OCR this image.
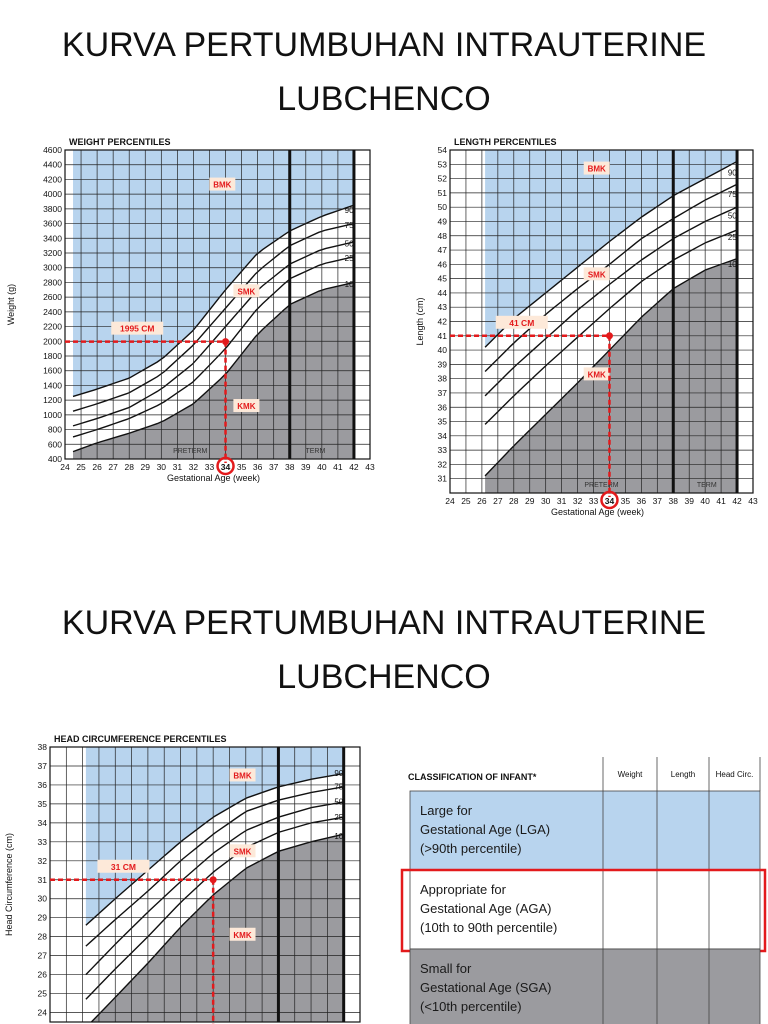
KURVA PERTUMBUHAN INTRAUTERINE LUBCHENCO
90
75
50
25
10
24 25 26 27 28 29 30 31 32 33 34 35 36 37 38 39 40 41 42 43
400
600
800
1000
1200
1400
1600
1800
2000
2200
2400
2600
2800
3000
3200
3400
3600
3800
4000
4200
4400
4600
WEIGHT PERCENTILES
Gestational Age (week)
Weight (g)
PRETERM	TERM
BMK
SMK
KMK
1995 CM
90
75
50
25
10
24 25 26 27 28 29 30 31 32 33 34 35 36 37 38 39 40 41 42 43
31
32
33
34
35
36
37
38
39
40
41
42
43
44
45
46
47
48
49
50
51
52
53
54
LENGTH PERCENTILES
Gestational Age (week)
Length (cm)
PRETERM	TERM
BMK
SMK
KMK
41 CM
KURVA PERTUMBUHAN INTRAUTERINE LUBCHENCO
90
75
50
25
10
24
25
26
27
28
29
30
31
32
33
34
35
36
37
38
HEAD CIRCUMFERENCE PERCENTILES
Head Circumference (cm)
BMK
SMK
KMK
31 CM
CLASSIFICATION OF INFANT*	Weight	Length	Head Circ.
Large for
Gestational Age (LGA)
(>90th percentile)
Appropriate for
Gestational Age (AGA)
(10th to 90th percentile)
Small for
Gestational Age (SGA)
(<10th percentile)
